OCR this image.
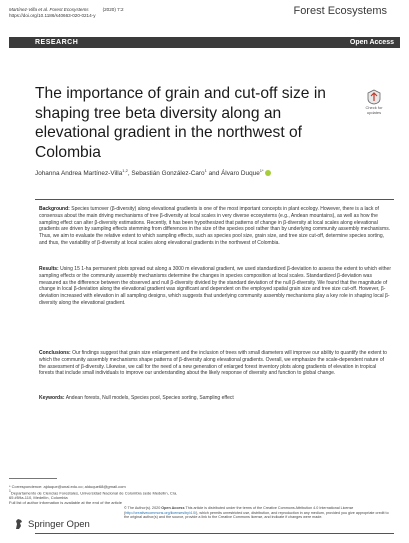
Martínez-Villa et al. Forest Ecosystems	(2020) 7:2
https://doi.org/10.1186/s40663-020-0214-y	Forest Ecosystems
RESEARCH	Open Access
The importance of grain and cut-off size in shaping tree beta diversity along an elevational gradient in the northwest of Colombia
Check for updates
Johanna Andrea Martínez-Villa$^{1,2}$, Sebastián González-Caro$^1$ and Álvaro Duque$^{1*}$

Background: Species turnover (β-diversity) along elevational gradients is one of the most important concepts in plant ecology. However, there is a lack of consensus about the main driving mechanisms of tree β-diversity at local scales in very diverse ecosystems (e.g., Andean mountains), as well as how the sampling effect can alter β-diversity estimations. Recently, it has been hypothesized that patterns of change in β-diversity at local scales along elevational gradients are driven by sampling effects stemming from differences in the size of the species pool rather than by underlying community assembly mechanisms. Thus, we aim to evaluate the relative extent to which sampling effects, such as species pool size, grain size, and tree size cut-off, determine species sorting, and thus, the variability of β-diversity at local scales along elevational gradients in the northwest of Colombia.

Results: Using 15 1-ha permanent plots spread out along a 3000 m elevational gradient, we used standardized β-deviation to assess the extent to which either sampling effects or the community assembly mechanisms determine the changes in species composition at local scales. Standardized β-deviation was measured as the difference between the observed and null β-diversity divided by the standard deviation of the null β-diversity. We found that the magnitude of change in local β-deviation along the elevational gradient was significant and dependent on the employed spatial grain size and tree size cut-off. However, β-deviation increased with elevation in all sampling designs, which suggests that underlying community assembly mechanisms play a key role in shaping local β-diversity along the elevational gradient.

Conclusions: Our findings suggest that grain size enlargement and the inclusion of trees with small diameters will improve our ability to quantify the extent to which the community assembly mechanisms shape patterns of β-diversity along elevational gradients. Overall, we emphasize the scale-dependent nature of the assessment of β-diversity. Likewise, we call for the need of a new generation of enlarged forest inventory plots along gradients of elevation in tropical forests that include small individuals to improve our understanding about the likely response of diversity and function to global change.

Keywords: Andean forests, Null models, Species pool, Species sorting, Sampling effect

* Correspondence: ajduque@unal.edu.co; alduque68@gmail.com
$^1$Departamento de Ciencias Forestales, Universidad Nacional de Colombia sede Medellín, Cra. 65 #59a-110, Medellín, Colombia
Full list of author information is available at the end of the article
Springer Open
© The Author(s). 2020 Open Access This article is distributed under the terms of the Creative Commons Attribution 4.0 International License (http://creativecommons.org/licenses/by/4.0/), which permits unrestricted use, distribution, and reproduction in any medium, provided you give appropriate credit to the original author(s) and the source, provide a link to the Creative Commons license, and indicate if changes were made.
